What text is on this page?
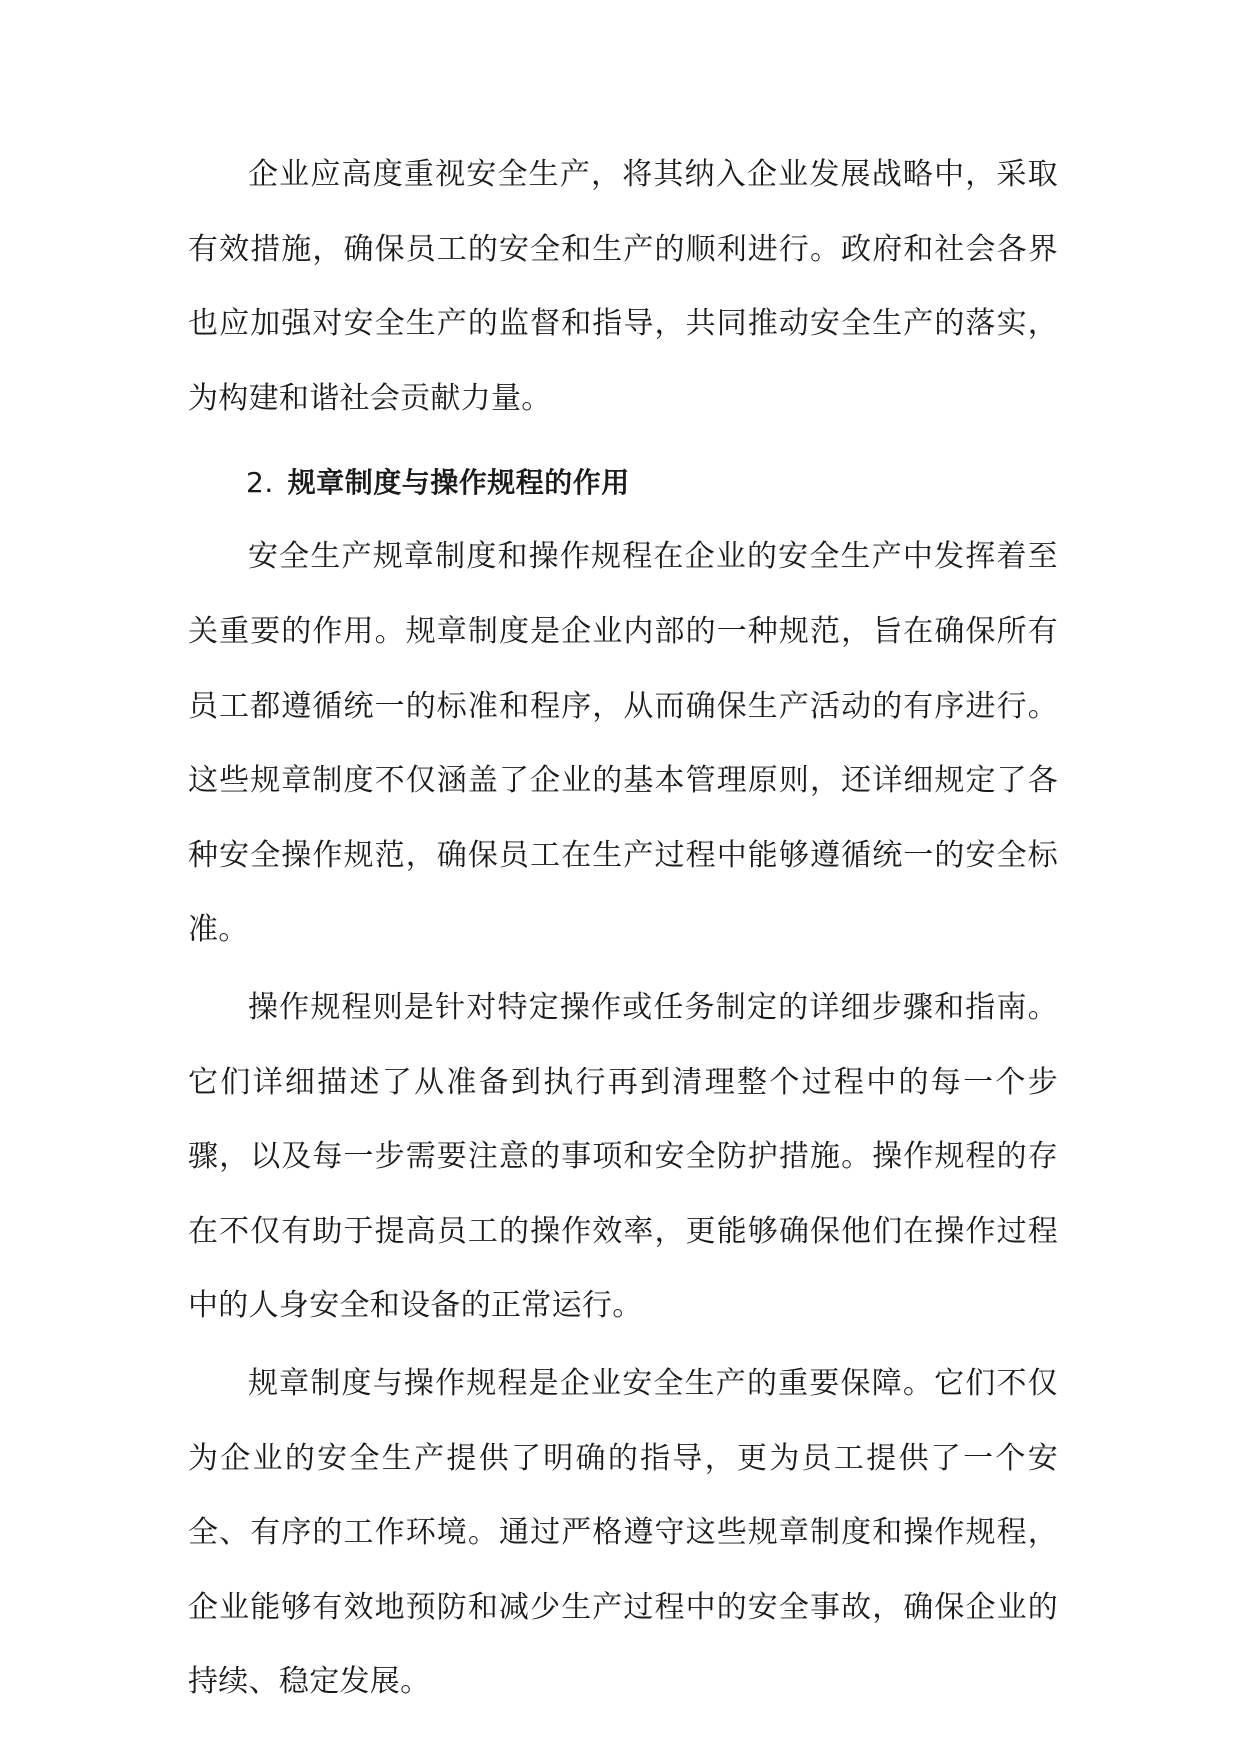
企业应高度重视安全生产，将其纳入企业发展战略中，采取有效措施，确保员工的安全和生产的顺利进行。政府和社会各界也应加强对安全生产的监督和指导，共同推动安全生产的落实，为构建和谐社会贡献力量。

2. 规章制度与操作规程的作用

安全生产规章制度和操作规程在企业的安全生产中发挥着至关重要的作用。规章制度是企业内部的一种规范，旨在确保所有员工都遵循统一的标准和程序，从而确保生产活动的有序进行。这些规章制度不仅涵盖了企业的基本管理原则，还详细规定了各种安全操作规范，确保员工在生产过程中能够遵循统一的安全标准。

操作规程则是针对特定操作或任务制定的详细步骤和指南。它们详细描述了从准备到执行再到清理整个过程中的每一个步骤，以及每一步需要注意的事项和安全防护措施。操作规程的存在不仅有助于提高员工的操作效率，更能够确保他们在操作过程中的人身安全和设备的正常运行。

规章制度与操作规程是企业安全生产的重要保障。它们不仅为企业的安全生产提供了明确的指导，更为员工提供了一个安全、有序的工作环境。通过严格遵守这些规章制度和操作规程，企业能够有效地预防和减少生产过程中的安全事故，确保企业的持续、稳定发展。
